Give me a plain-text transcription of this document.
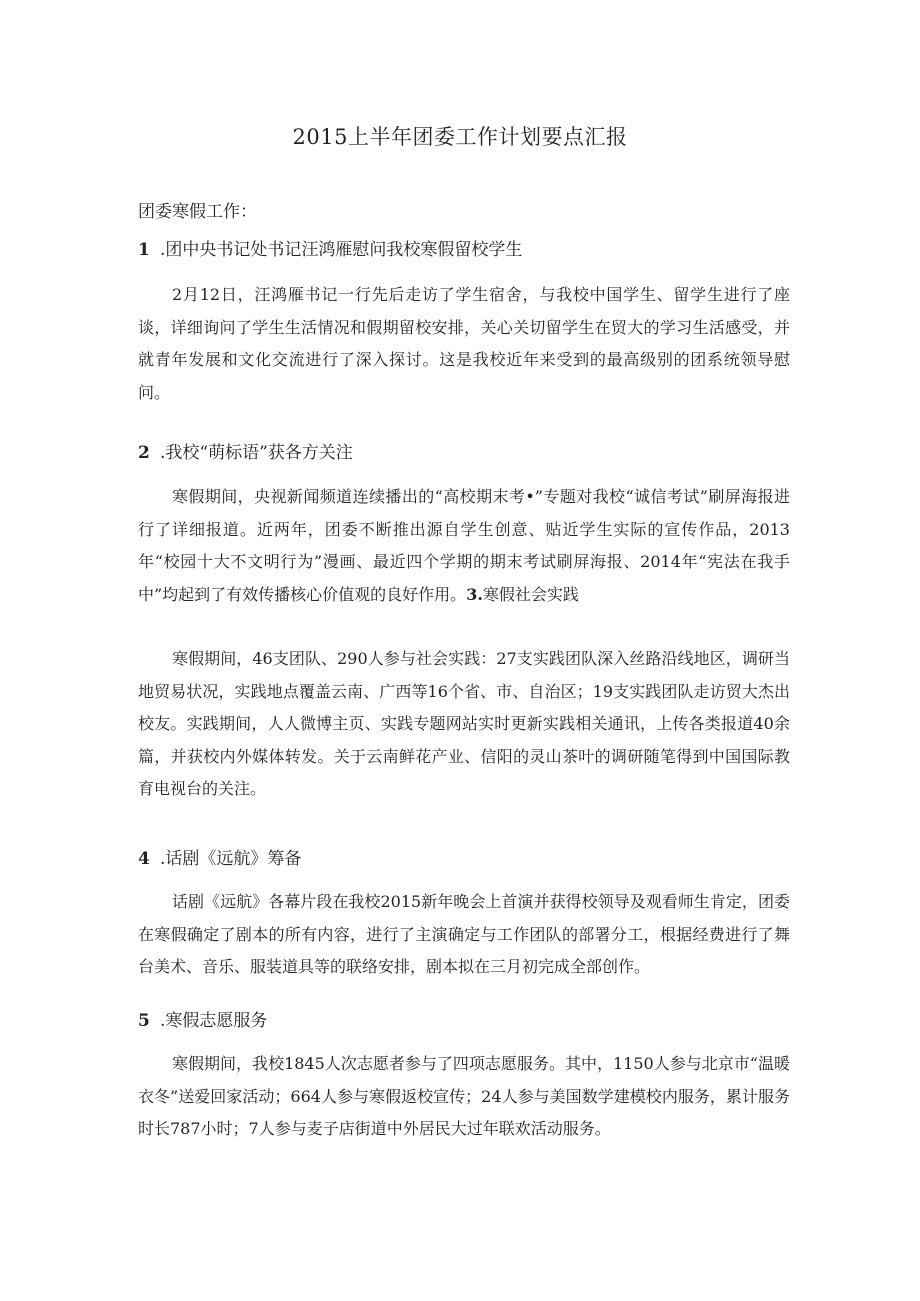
2015上半年团委工作计划要点汇报
团委寒假工作：
1 .团中央书记处书记汪鸿雁慰问我校寒假留校学生
2月12日，汪鸿雁书记一行先后走访了学生宿舍，与我校中国学生、留学生进行了座谈，详细询问了学生生活情况和假期留校安排，关心关切留学生在贸大的学习生活感受，并就青年发展和文化交流进行了深入探讨。这是我校近年来受到的最高级别的团系统领导慰问。
2 .我校“萌标语”获各方关注
寒假期间，央视新闻频道连续播出的“高校期末考•”专题对我校“诚信考试”刷屏海报进行了详细报道。近两年，团委不断推出源自学生创意、贴近学生实际的宣传作品，2013年“校园十大不文明行为”漫画、最近四个学期的期末考试刷屏海报、2014年“宪法在我手中”均起到了有效传播核心价值观的良好作用。3.寒假社会实践
寒假期间，46支团队、290人参与社会实践：27支实践团队深入丝路沿线地区，调研当地贸易状况，实践地点覆盖云南、广西等16个省、市、自治区；19支实践团队走访贸大杰出校友。实践期间，人人微博主页、实践专题网站实时更新实践相关通讯，上传各类报道40余篇，并获校内外媒体转发。关于云南鲜花产业、信阳的灵山茶叶的调研随笔得到中国国际教育电视台的关注。
4 .话剧《远航》筹备
话剧《远航》各幕片段在我校2015新年晚会上首演并获得校领导及观看师生肯定，团委在寒假确定了剧本的所有内容，进行了主演确定与工作团队的部署分工，根据经费进行了舞台美术、音乐、服装道具等的联络安排，剧本拟在三月初完成全部创作。
5 .寒假志愿服务
寒假期间，我校1845人次志愿者参与了四项志愿服务。其中，1150人参与北京市“温暖衣冬”送爱回家活动；664人参与寒假返校宣传；24人参与美国数学建模校内服务，累计服务时长787小时；7人参与麦子店街道中外居民大过年联欢活动服务。
